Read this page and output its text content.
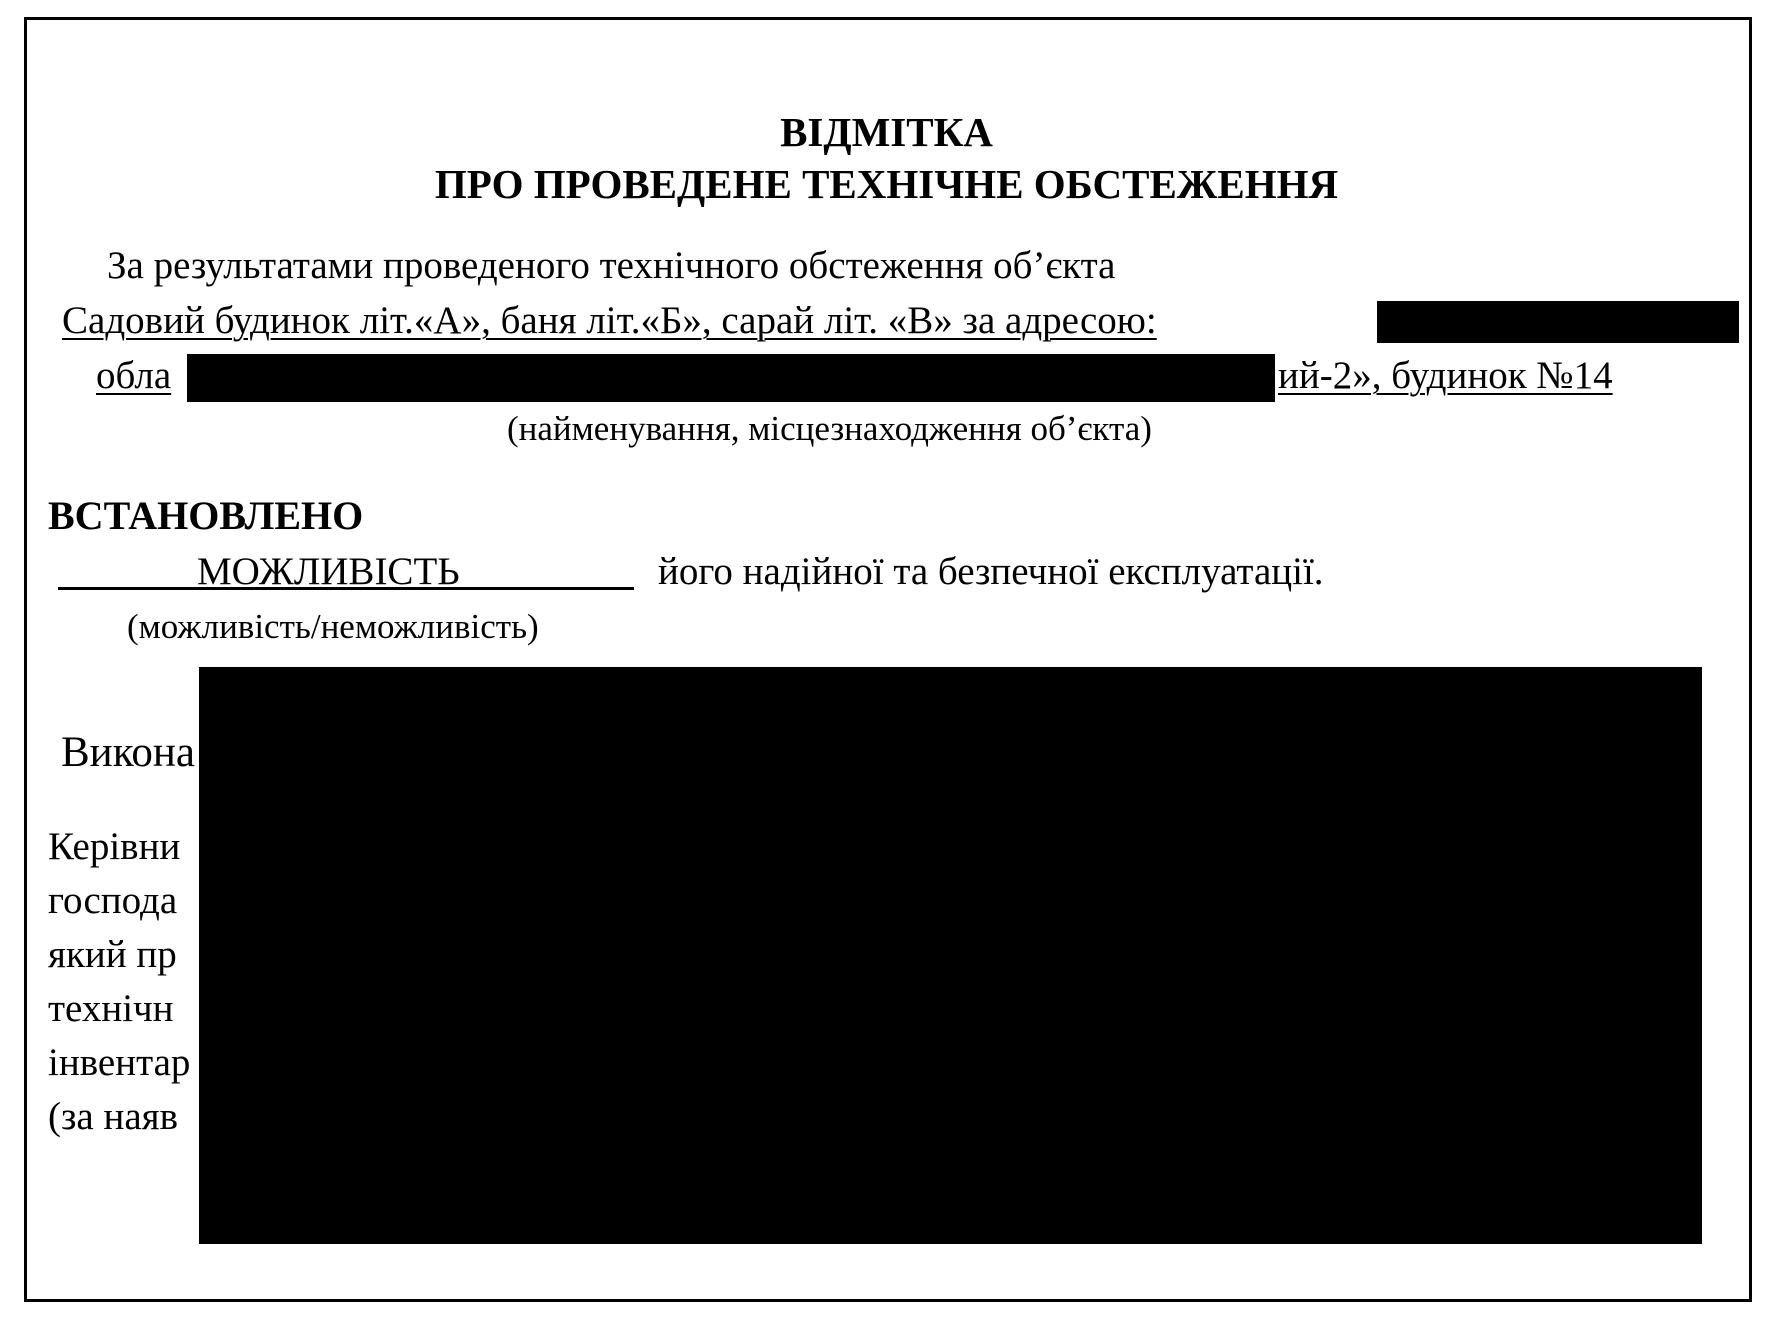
ВІДМІТКА
ПРО ПРОВЕДЕНЕ ТЕХНІЧНЕ ОБСТЕЖЕННЯ
За результатами проведеного технічного обстеження об’єкта
Садовий будинок літ.«А», баня літ.«Б», сарай літ. «В» за адресою:
обла	ий-2», будинок №14
(найменування, місцезнаходження об’єкта)
ВСТАНОВЛЕНО
МОЖЛИВІСТЬ	його надійної та безпечної експлуатації.
(можливість/неможливість)
Викона
Керівни
господа
який пр
технічн
інвентар
(за наяв
